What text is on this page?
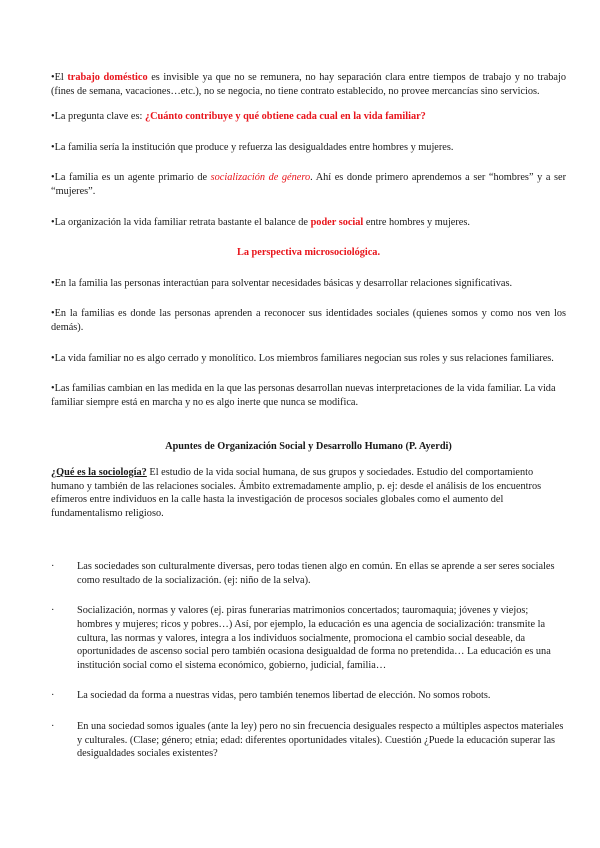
•El trabajo doméstico es invisible ya que no se remunera, no hay separación clara entre tiempos de trabajo y no trabajo (fines de semana, vacaciones…etc.), no se negocia, no tiene contrato establecido, no provee mercancías sino servicios.

•La pregunta clave es: ¿Cuánto contribuye y qué obtiene cada cual en la vida familiar?

•La familia sería la institución que produce y refuerza las desigualdades entre hombres y mujeres.

•La familia es un agente primario de socialización de género. Ahí es donde primero aprendemos a ser “hombres” y a ser “mujeres”.

•La organización la vida familiar retrata bastante el balance de poder social entre hombres y mujeres.

La perspectiva microsociológica.

•En la familia las personas interactúan para solventar necesidades básicas y desarrollar relaciones significativas.

•En la familias es donde las personas aprenden a reconocer sus identidades sociales (quienes somos y como nos ven los demás).

•La vida familiar no es algo cerrado y monolítico. Los miembros familiares negocian sus roles y sus relaciones familiares.

•Las familias cambian en las medida en la que las personas desarrollan nuevas interpretaciones de la vida familiar. La vida familiar siempre está en marcha y no es algo inerte que nunca se modifica.

Apuntes de Organización Social y Desarrollo Humano (P. Ayerdi)

¿Qué es la sociología? El estudio de la vida social humana, de sus grupos y sociedades. Estudio del comportamiento humano y también de las relaciones sociales. Ámbito extremadamente amplio, p. ej: desde el análisis de los encuentros efímeros entre individuos en la calle hasta la investigación de procesos sociales globales como el aumento del fundamentalismo religioso.

·	Las sociedades son culturalmente diversas, pero todas tienen algo en común. En ellas se aprende a ser seres sociales como resultado de la socialización. (ej: niño de la selva).

·	Socialización, normas y valores (ej. piras funerarias matrimonios concertados; tauromaquia; jóvenes y viejos; hombres y mujeres; ricos y pobres…) Así, por ejemplo, la educación es una agencia de socialización: transmite la cultura, las normas y valores, integra a los individuos socialmente, promociona el cambio social deseable, da oportunidades de ascenso social pero también ocasiona desigualdad de forma no pretendida… La educación es una institución social como el sistema económico, gobierno, judicial, familia…

·	La sociedad da forma a nuestras vidas, pero también tenemos libertad de elección. No somos robots.

·	En una sociedad somos iguales (ante la ley) pero no sin frecuencia desiguales respecto a múltiples aspectos materiales y culturales. (Clase; género; etnia; edad: diferentes oportunidades vitales). Cuestión ¿Puede la educación superar las desigualdades sociales existentes?
